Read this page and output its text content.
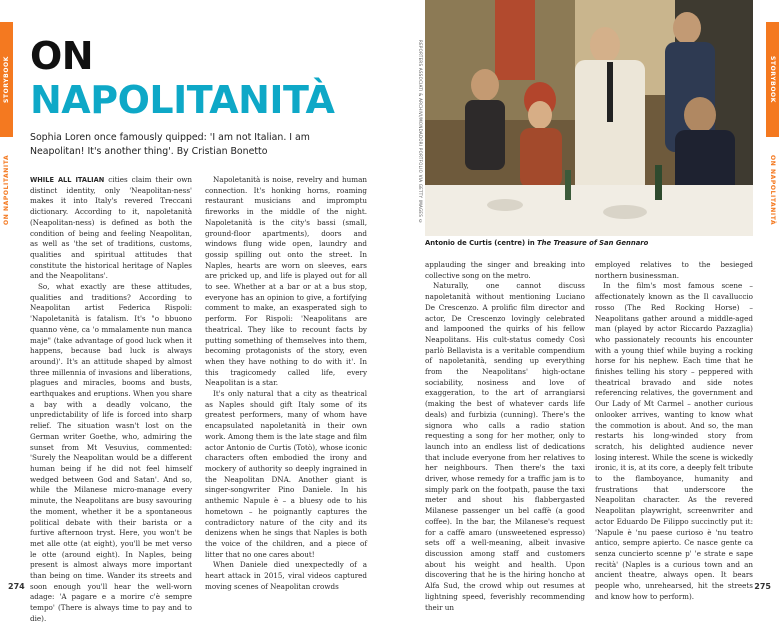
STORYBOOK
ON NAPOLITANITÀ
STORYBOOK
ON NAPOLITANITÀ
ON
NAPOLITANITÀ
Sophia Loren once famously quipped: 'I am not Italian. I am Neapolitan! It's another thing'. By Cristian Bonetto

WHILE ALL ITALIAN cities claim their own distinct identity, only 'Neapolitan-ness' makes it into Italy's revered Treccani dictionary. According to it, napoletanità (Neapolitan-ness) is defined as both the condition of being and feeling Neapolitan, as well as 'the set of traditions, customs, qualities and spiritual attitudes that constitute the historical heritage of Naples and the Neapolitans'.

So, what exactly are these attitudes, qualities and traditions? According to Neapolitan artist Federica Rispoli: 'Napoletanità is fatalism. It's "o bbuono quanno vène, ca 'o mmalamente nun manca maje" (take advantage of good luck when it happens, because bad luck is always around)'. It's an attitude shaped by almost three millennia of invasions and liberations, plagues and miracles, booms and busts, earthquakes and eruptions. When you share a bay with a deadly volcano, the unpredictability of life is forced into sharp relief. The situation wasn't lost on the German writer Goethe, who, admiring the sunset from Mt Vesuvius, commented: 'Surely the Neapolitan would be a different human being if he did not feel himself wedged between God and Satan'. And so, while the Milanese micro-manage every minute, the Neapolitans are busy savouring the moment, whether it be a spontaneous political debate with their barista or a furtive afternoon tryst. Here, you won't be met alle otte (at eight), you'll be met verso le otte (around eight). In Naples, being present is almost always more important than being on time. Wander its streets and soon enough you'll hear the well-worn adage: 'A pagare e a morire c'è sempre tempo' (There is always time to pay and to die).

Napoletanità is noise, revelry and human connection. It's honking horns, roaming restaurant musicians and impromptu fireworks in the middle of the night. Napoletanità is the city's bassi (small, ground-floor apartments), doors and windows flung wide open, laundry and gossip spilling out onto the street. In Naples, hearts are worn on sleeves, ears are pricked up, and life is played out for all to see. Whether at a bar or at a bus stop, everyone has an opinion to give, a fortifying comment to make, an exasperated sigh to perform. For Rispoli: 'Neapolitans are theatrical. They like to recount facts by putting something of themselves into them, becoming protagonists of the story, even when they have nothing to do with it'. In this tragicomedy called life, every Neapolitan is a star.

It's only natural that a city as theatrical as Naples should gift Italy some of its greatest performers, many of whom have encapsulated napoletanità in their own work. Among them is the late stage and film actor Antonio de Curtis (Totò), whose iconic characters often embodied the irony and mockery of authority so deeply ingrained in the Neapolitan DNA. Another giant is singer-songwriter Pino Daniele. In his anthemic Napule è – a bluesy ode to his hometown – he poignantly captures the contradictory nature of the city and its denizens when he sings that Naples is both the voice of the children, and a piece of litter that no one cares about!

When Daniele died unexpectedly of a heart attack in 2015, viral videos captured moving scenes of Neapolitan crowds

274
REPORTERS ASSOCIATI & ARCHIVI/MONDADORI PORTFOLIO VIA GETTY IMAGES ©
Antonio de Curtis (centre) in The Treasure of San Gennaro

applauding the singer and breaking into collective song on the metro.

Naturally, one cannot discuss napoletanità without mentioning Luciano De Crescenzo. A prolific film director and actor, De Crescenzo lovingly celebrated and lampooned the quirks of his fellow Neapolitans. His cult-status comedy Così parlò Bellavista is a veritable compendium of napoletanità, sending up everything from the Neapolitans' high-octane sociability, nosiness and love of exaggeration, to the art of arrangiarsi (making the best of whatever cards life deals) and furbizia (cunning). There's the signora who calls a radio station requesting a song for her mother, only to launch into an endless list of dedications that include everyone from her relatives to her neighbours. Then there's the taxi driver, whose remedy for a traffic jam is to simply park on the footpath, pause the taxi meter and shout his flabbergasted Milanese passenger un bel caffè (a good coffee). In the bar, the Milanese's request for a caffè amaro (unsweetened espresso) sets off a well-meaning, albeit invasive discussion among staff and customers about his weight and health. Upon discovering that he is the hiring honcho at Alfa Sud, the crowd whip out resumes at lightning speed, feverishly recommending their un

employed relatives to the besieged northern businessman.

In the film's most famous scene – affectionately known as the Il cavalluccio rosso (The Red Rocking Horse) – Neapolitans gather around a middle-aged man (played by actor Riccardo Pazzaglia) who passionately recounts his encounter with a young thief while buying a rocking horse for his nephew. Each time that he finishes telling his story – peppered with theatrical bravado and side notes referencing relatives, the government and Our Lady of Mt Carmel – another curious onlooker arrives, wanting to know what the commotion is about. And so, the man restarts his long-winded story from scratch, his delighted audience never losing interest. While the scene is wickedly ironic, it is, at its core, a deeply felt tribute to the flamboyance, humanity and frustrations that underscore the Neapolitan character. As the revered Neapolitan playwright, screenwriter and actor Eduardo De Filippo succinctly put it: 'Napule è 'nu paese curioso è 'nu teatro antico, sempre apierto. Ce nasce gente ca senza cuncierto scenne p' 'e strate e sape recità' (Naples is a curious town and an ancient theatre, always open. It bears people who, unrehearsed, hit the streets and know how to perform).

275
